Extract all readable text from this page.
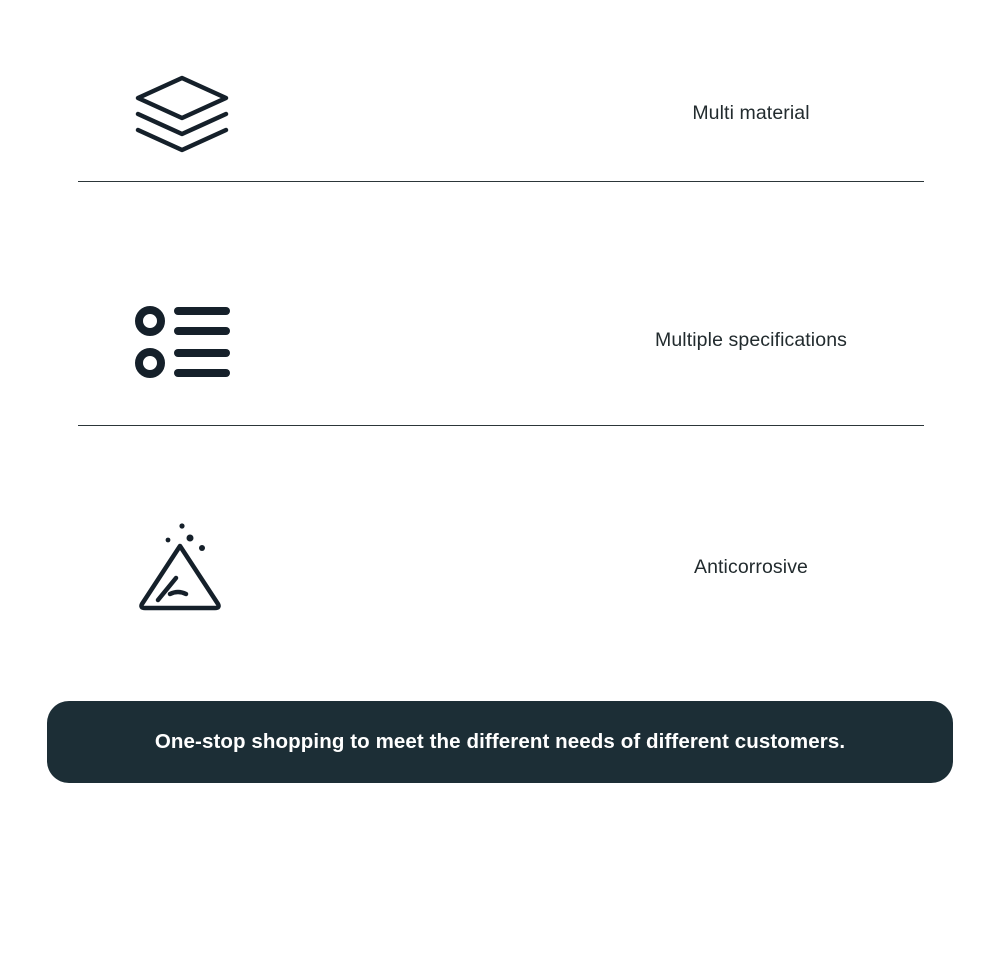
Multi material
Multiple specifications
Anticorrosive
One-stop shopping to meet the different needs of different customers.
